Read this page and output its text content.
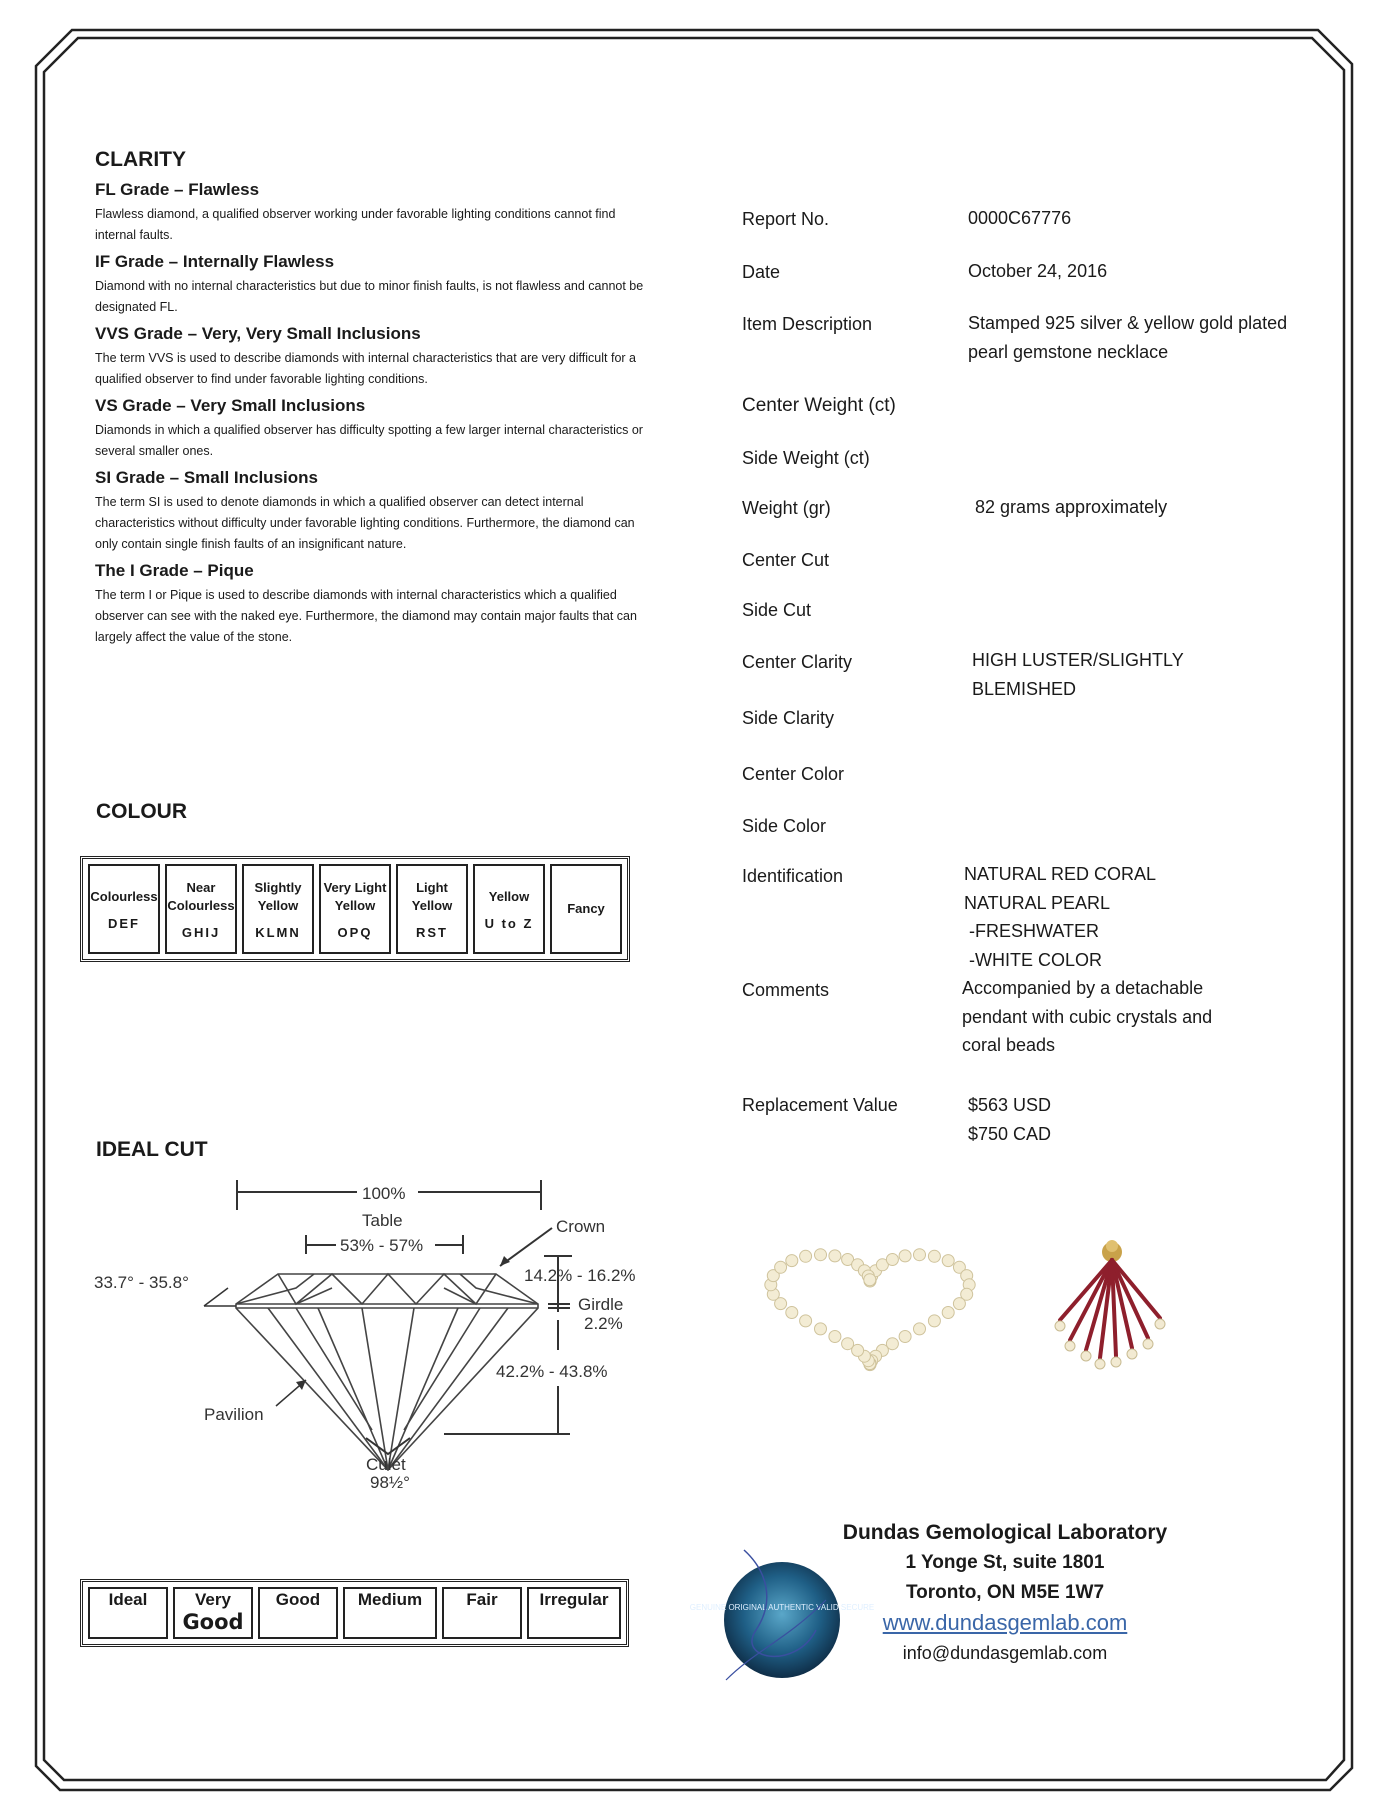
CLARITY
FL Grade – Flawless
Flawless diamond, a qualified observer working under favorable lighting conditions cannot find internal faults.
IF Grade – Internally Flawless
Diamond with no internal characteristics but due to minor finish faults, is not flawless and cannot be designated FL.
VVS Grade – Very, Very Small Inclusions
The term VVS is used to describe diamonds with internal characteristics that are very difficult for a qualified observer to find under favorable lighting conditions.
VS Grade – Very Small Inclusions
Diamonds in which a qualified observer has difficulty spotting a few larger internal characteristics or several smaller ones.
SI Grade – Small Inclusions
The term SI is used to denote diamonds in which a qualified observer can detect internal characteristics without difficulty under favorable lighting conditions. Furthermore, the diamond can only contain single finish faults of an insignificant nature.
The I Grade – Pique
The term I or Pique is used to describe diamonds with internal characteristics which a qualified observer can see with the naked eye. Furthermore, the diamond may contain major faults that can largely affect the value of the stone.
COLOUR
Colourless
DEF

Near Colourless
GHIJ

Slightly Yellow
KLMN

Very Light Yellow
OPQ

Light Yellow
RST

Yellow
U to Z

Fancy
IDEAL CUT
100%
Table
53% - 57%
Crown
33.7° - 35.8°	14.2% - 16.2%
Girdle
2.2%
42.2% - 43.8%
Pavilion
Culet
98½°
Ideal	Very
Good	Good	Medium	Fair	Irregular
Report No.	0000C67776
Date	October 24, 2016
Item Description	Stamped 925 silver & yellow gold plated
pearl gemstone necklace
Center Weight (ct)
Side Weight (ct)
Weight (gr)	82 grams approximately
Center Cut
Side Cut
Center Clarity	HIGH LUSTER/SLIGHTLY
BLEMISHED
Side Clarity
Center Color
Side Color
Identification	NATURAL RED CORAL
NATURAL PEARL
-FRESHWATER
-WHITE COLOR
Comments	Accompanied by a detachable
pendant with cubic crystals and
coral beads
Replacement Value	$563 USD
$750 CAD
GENUINE ORIGINAL AUTHENTIC VALID SECURE
Dundas Gemological Laboratory
1 Yonge St, suite 1801
Toronto, ON M5E 1W7
www.dundasgemlab.com
info@dundasgemlab.com
